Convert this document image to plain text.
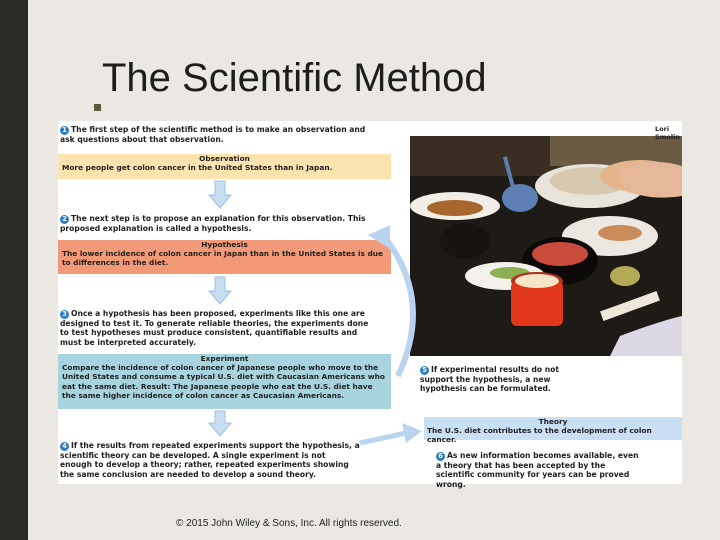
The Scientific Method
Lori Smolin
1 The first step of the scientific method is to make an observation and ask questions about that observation.
Observation
More people get colon cancer in the United States than in Japan.
2 The next step is to propose an explanation for this observation. This proposed explanation is called a hypothesis.
Hypothesis
The lower incidence of colon cancer in Japan than in the United States is due to differences in the diet.
3 Once a hypothesis has been proposed, experiments like this one are designed to test it. To generate reliable theories, the experiments done to test hypotheses must produce consistent, quantifiable results and must be interpreted accurately.
Experiment
Compare the incidence of colon cancer of Japanese people who move to the United States and consume a typical U.S. diet with Caucasian Americans who eat the same diet. Result: The Japanese people who eat the U.S. diet have the same higher incidence of colon cancer as Caucasian Americans.
4 If the results from repeated experiments support the hypothesis, a scientific theory can be developed. A single experiment is not enough to develop a theory; rather, repeated experiments showing the same conclusion are needed to develop a sound theory.
5 If experimental results do not support the hypothesis, a new hypothesis can be formulated.
Theory
The U.S. diet contributes to the development of colon cancer.
6 As new information becomes available, even a theory that has been accepted by the scientific community for years can be proved wrong.
© 2015 John Wiley & Sons, Inc. All rights reserved.
